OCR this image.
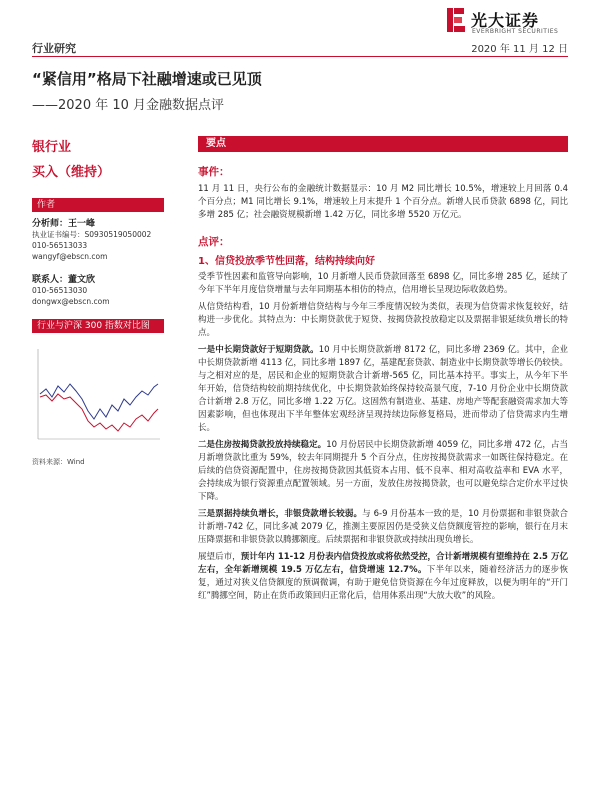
光大证券
EVERBRIGHT SECURITIES
行业研究	2020 年 11 月 12 日
“紧信用”格局下社融增速或已见顶
——2020 年 10 月金融数据点评
银行业
买入（维持）
作者
分析师：王一峰
执业证书编号：S0930519050002
010-56513033
wangyf@ebscn.com
联系人：董文欣
010-56513030
dongwx@ebscn.com
行业与沪深 300 指数对比图
资料来源：Wind
要点
事件：
11 月 11 日，央行公布的金融统计数据显示：10 月 M2 同比增长 10.5%，增速较上月回落 0.4 个百分点；M1 同比增长 9.1%，增速较上月末提升 1 个百分点。新增人民币贷款 6898 亿，同比多增 285 亿；社会融资规模新增 1.42 万亿，同比多增 5520 万亿元。
点评：
1、信贷投放季节性回落，结构持续向好
受季节性因素和监管导向影响，10 月新增人民币贷款回落至 6898 亿，同比多增 285 亿，延续了今年下半年月度信贷增量与去年同期基本相仿的特点，信用增长呈现边际收敛趋势。
从信贷结构看，10 月份新增信贷结构与今年三季度情况较为类似，表现为信贷需求恢复较好，结构进一步优化。其特点为：中长期贷款优于短贷、按揭贷款投放稳定以及票据非银延续负增长的特点。
一是中长期贷款好于短期贷款。10 月中长期贷款新增 8172 亿，同比多增 2369 亿。其中，企业中长期贷款新增 4113 亿，同比多增 1897 亿，基建配套贷款、制造业中长期贷款等增长仍较快。与之相对应的是，居民和企业的短期贷款合计新增-565 亿，同比基本持平。事实上，从今年下半年开始，信贷结构较前期持续优化，中长期贷款始终保持较高景气度，7-10 月份企业中长期贷款合计新增 2.8 万亿，同比多增 1.22 万亿。这固然有制造业、基建、房地产等配套融资需求加大等因素影响，但也体现出下半年整体宏观经济呈现持续边际修复格局，进而带动了信贷需求内生增长。
二是住房按揭贷款投放持续稳定。10 月份居民中长期贷款新增 4059 亿，同比多增 472 亿，占当月新增贷款比重为 59%，较去年同期提升 5 个百分点，住房按揭贷款需求一如既往保持稳定。在后续的信贷资源配置中，住房按揭贷款因其低资本占用、低不良率、相对高收益率和 EVA 水平，会持续成为银行资源重点配置领域。另一方面，发放住房按揭贷款，也可以避免综合定价水平过快下降。
三是票据持续负增长，非银贷款增长较弱。与 6-9 月份基本一致的是，10 月份票据和非银贷款合计新增-742 亿，同比多减 2079 亿，推测主要原因仍是受狭义信贷额度管控的影响，银行在月末压降票据和非银贷款以腾挪额度。后续票据和非银贷款或持续出现负增长。
展望后市，预计年内 11-12 月份表内信贷投放或将依然受控，合计新增规模有望维持在 2.5 万亿左右，全年新增规模 19.5 万亿左右，信贷增速 12.7%。下半年以来，随着经济活力的逐步恢复，通过对狭义信贷额度的预调微调，有助于避免信贷资源在今年过度释放，以便为明年的“开门红”腾挪空间，防止在货币政策回归正常化后，信用体系出现“大放大收”的风险。
